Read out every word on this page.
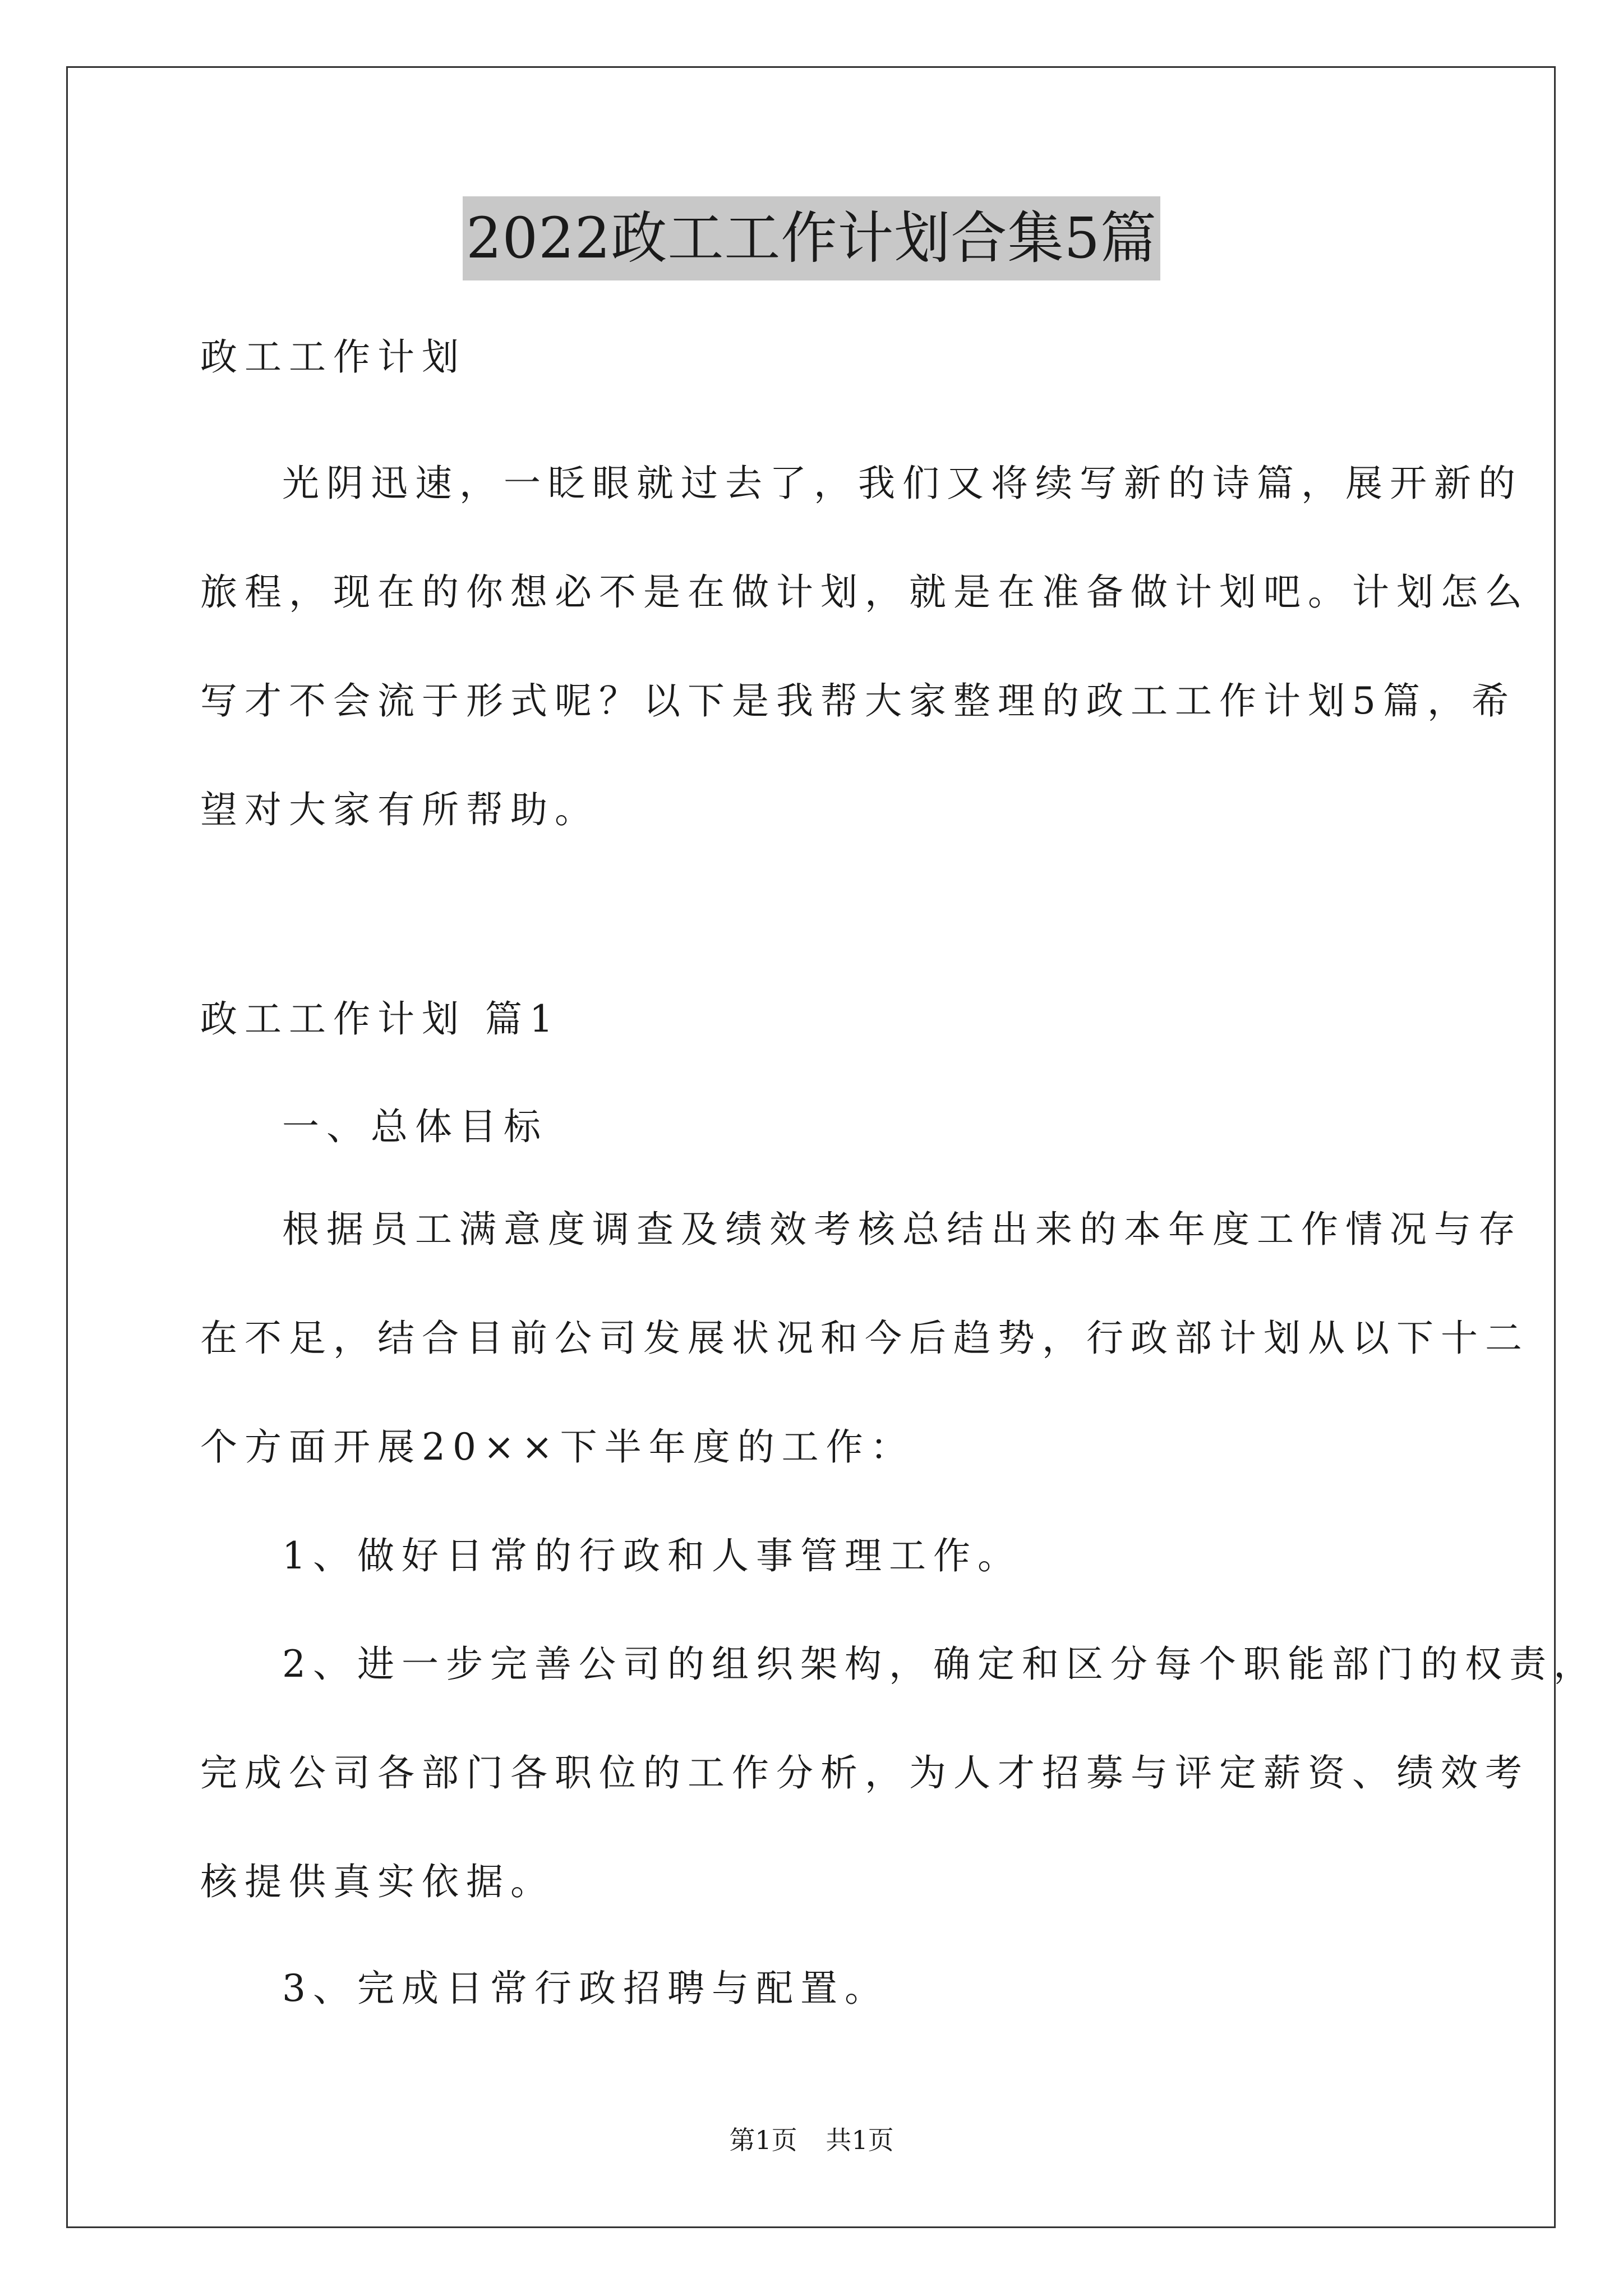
2022政工工作计划合集5篇
政工工作计划
光阴迅速，一眨眼就过去了，我们又将续写新的诗篇，展开新的
旅程，现在的你想必不是在做计划，就是在准备做计划吧。计划怎么
写才不会流于形式呢？以下是我帮大家整理的政工工作计划5篇，希
望对大家有所帮助。
政工工作计划 篇1
一、总体目标
根据员工满意度调查及绩效考核总结出来的本年度工作情况与存
在不足，结合目前公司发展状况和今后趋势，行政部计划从以下十二
个方面开展20××下半年度的工作：
1、做好日常的行政和人事管理工作。
2、进一步完善公司的组织架构，确定和区分每个职能部门的权责，
完成公司各部门各职位的工作分析，为人才招募与评定薪资、绩效考
核提供真实依据。
3、完成日常行政招聘与配置。
第1页 共1页
